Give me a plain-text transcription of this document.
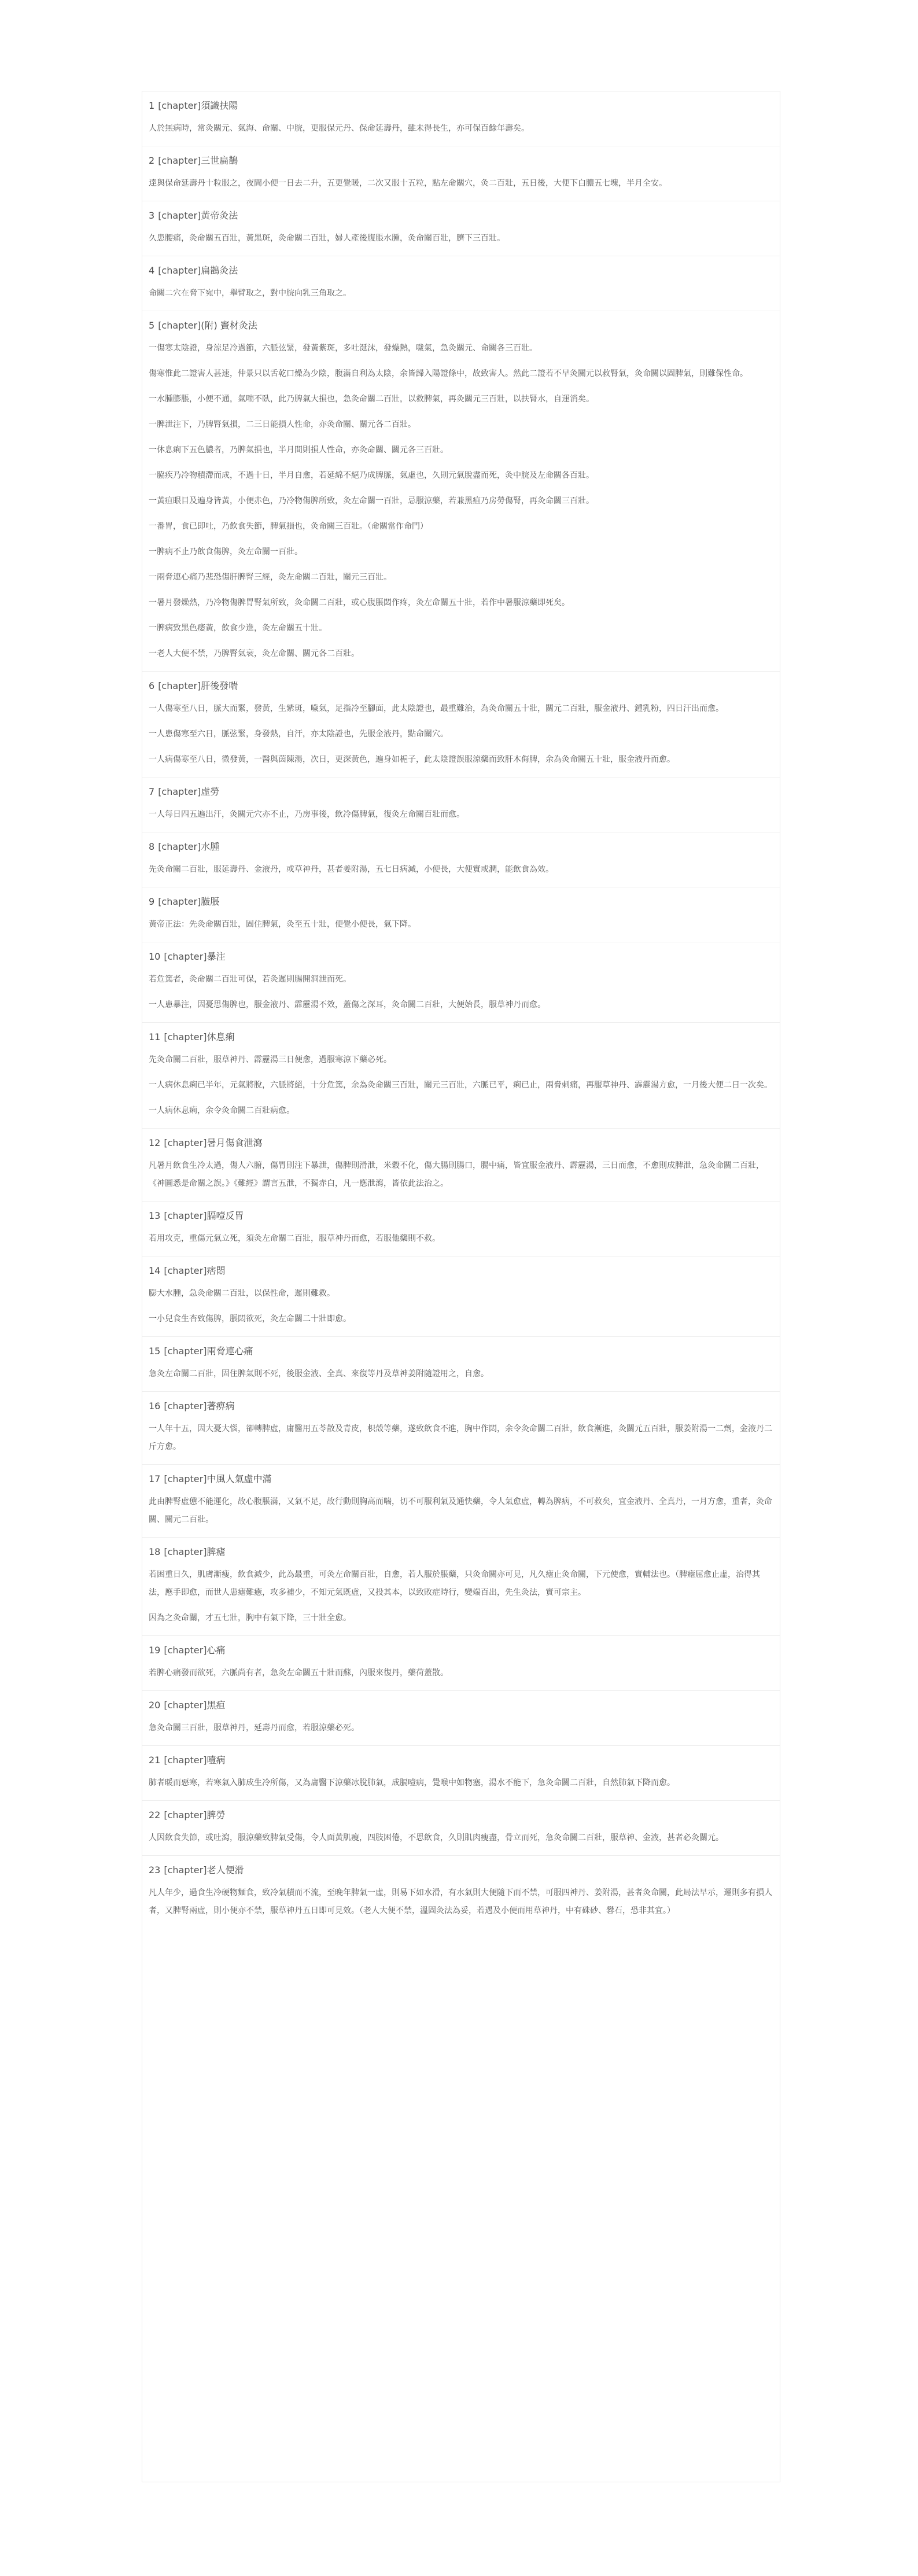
1 [chapter]須識扶陽

人於無病時，常灸關元、氣海、命關、中脘，更服保元丹、保命延壽丹，雖未得長生，亦可保百餘年壽矣。

2 [chapter]三世扁鵲

達與保命延壽丹十粒服之，夜間小便一日去二升，五更覺暖，二次又服十五粒，點左命關穴，灸二百壯，五日後，大便下白膿五七塊，半月全安。

3 [chapter]黃帝灸法

久患腰痛，灸命關五百壯，黃黑斑，灸命關二百壯，婦人產後腹脹水腫，灸命關百壯，臍下三百壯。

4 [chapter]扁鵲灸法

命關二穴在脅下宛中，舉臂取之，對中脘向乳三角取之。

5 [chapter](附) 竇材灸法

一傷寒太陰證，身涼足冷過節，六脈弦緊，發黃紫斑，多吐涎沫，發燥熱，噦氣，急灸關元、命關各三百壯。

傷寒惟此二證害人甚速，仲景只以舌乾口燥為少陰，腹滿自利為太陰，余皆歸入陽證條中，故致害人。然此二證若不早灸關元以救腎氣，灸命關以固脾氣，則難保性命。

一水腫膨脹，小便不通，氣喘不臥，此乃脾氣大損也，急灸命關二百壯，以救脾氣，再灸關元三百壯，以扶腎水，自運消矣。

一脾泄注下，乃脾腎氣損，二三日能損人性命，亦灸命關、關元各二百壯。

一休息痢下五色膿者，乃脾氣損也，半月間則損人性命，亦灸命關、關元各三百壯。

一脇疾乃冷物積滯而成，不過十日，半月自愈，若延綿不絕乃成脾脈，氣虛也，久則元氣脫盡而死，灸中脘及左命關各百壯。

一黃疸眼目及遍身皆黃，小便赤色，乃冷物傷脾所致，灸左命關一百壯，忌服涼藥，若兼黑疸乃房勞傷腎，再灸命關三百壯。

一番胃，食已即吐，乃飲食失節，脾氣損也，灸命關三百壯。（命關當作命門）

一脾病不止乃飲食傷脾，灸左命關一百壯。

一兩脅連心痛乃悲恐傷肝脾腎三經，灸左命關二百壯，關元三百壯。

一暑月發燥熱，乃冷物傷脾胃腎氣所致，灸命關二百壯，或心腹脹悶作疼，灸左命關五十壯，若作中暑服涼藥即死矣。

一脾病致黑色痿黃，飲食少進，灸左命關五十壯。

一老人大便不禁，乃脾腎氣衰，灸左命關、關元各二百壯。

6 [chapter]肝後發喘

一人傷寒至八日，脈大而緊，發黃，生紫斑，噦氣，足指冷至腳面，此太陰證也，最重難治，為灸命關五十壯，關元二百壯，服金液丹、鍾乳粉，四日汗出而愈。

一人患傷寒至六日，脈弦緊，身發熱，自汗，亦太陰證也，先服金液丹，點命關穴。

一人病傷寒至八日，微發黃，一醫與茵陳湯，次日，更深黃色，遍身如梔子，此太陰證誤服涼藥而致肝木侮脾，余為灸命關五十壯，服金液丹而愈。

7 [chapter]虛勞

一人每日四五遍出汗，灸關元穴亦不止，乃房事後，飲冷傷脾氣，復灸左命關百壯而愈。

8 [chapter]水腫

先灸命關二百壯，服延壽丹、金液丹，或草神丹，甚者姜附湯，五七日病減，小便長，大便實或潤，能飲食為效。

9 [chapter]臌脹

黃帝正法：先灸命關百壯，固住脾氣，灸至五十壯，便覺小便長，氣下降。

10 [chapter]暴注

若危篤者，灸命關二百壯可保，若灸遲則腸開洞泄而死。

一人患暴注，因憂思傷脾也，服金液丹、霹靂湯不效，蓋傷之深耳，灸命關二百壯，大便始長，服草神丹而愈。

11 [chapter]休息痢

先灸命關二百壯，服草神丹、霹靂湯三日便愈，過服寒涼下藥必死。

一人病休息痢已半年，元氣將脫，六脈將絕，十分危篤，余為灸命關三百壯，關元三百壯，六脈已平，痢已止，兩脅刺痛，再服草神丹、霹靂湯方愈，一月後大便二日一次矣。

一人病休息痢，余令灸命關二百壯病愈。

12 [chapter]暑月傷食泄瀉

凡暑月飲食生冷太過，傷人六腑，傷胃則注下暴泄，傷脾則滑泄，米穀不化，傷大腸則腸口，腸中痛，皆宜服金液丹、霹靂湯，三日而愈，不愈則成脾泄，急灸命關二百壯，《神圖悉是命關之誤。》《難經》謂言五泄，不獨赤白，凡一應泄瀉，皆依此法治之。

13 [chapter]膈噎反胃

若用攻克，重傷元氣立死，須灸左命關二百壯，服草神丹而愈，若服他藥則不救。

14 [chapter]痞悶

膨大水腫，急灸命關二百壯，以保性命，遲則難救。

一小兒食生杏致傷脾，脹悶欲死，灸左命關二十壯即愈。

15 [chapter]兩脅連心痛

急灸左命關二百壯，固住脾氣則不死，後服金液、全真、來復等丹及草神姜附隨證用之，自愈。

16 [chapter]著痹病

一人年十五，因大憂大惱，卻轉脾虛，庸醫用五苓散及青皮，枳殼等藥，遂致飲食不進，胸中作悶，余令灸命關二百壯，飲食漸進，灸關元五百壯，服姜附湯一二劑，金液丹二斤方愈。

17 [chapter]中風人氣虛中滿

此由脾腎虛憊不能運化，故心腹脹滿，又氣不足，故行動則胸高而喘，切不可服利氣及通快藥，令人氣愈虛，轉為脾病，不可救矣，宜金液丹、全真丹，一月方愈，重者，灸命關、關元二百壯。

18 [chapter]脾瘧

若困重日久，肌膚漸瘦，飲食減少，此為最重，可灸左命關百壯，自愈，若人服於脹藥，只灸命關亦可見，凡久瘧止灸命關，下元使愈，實輔法也。（脾瘧屈愈止虛，治得其法，應手即愈，而世人患瘧難癒，攻多補少，不知元氣既虛，又投其本，以致敗症時行，變端百出，先生灸法，實可宗主。

因為之灸命關，才五七壯，胸中有氣下降，三十壯全愈。

19 [chapter]心痛

若脾心痛發而欲死，六脈尚有者，急灸左命關五十壯而蘇，內服來復丹，藥荷蓋散。

20 [chapter]黑疸

急灸命關三百壯，服草神丹，延壽丹而愈，若服涼藥必死。

21 [chapter]噎病

肺者暖而惡寒，若寒氣入肺成生冷所傷，又為庸醫下涼藥冰脫肺氣，成膈噎病，覺喉中如物塞，湯水不能下，急灸命關二百壯，自然肺氣下降而愈。

22 [chapter]脾勞

人因飲食失節，或吐瀉，服涼藥致脾氣受傷，令人面黃肌瘦，四肢困倦，不思飲食，久則肌肉瘦盡，骨立而死，急灸命關二百壯，服草神、金液，甚者必灸關元。

23 [chapter]老人便滑

凡人年少，過食生冷硬物麵食，致冷氣積而不流，至晚年脾氣一虛，則易下如水滑，有水氣則大便隨下而不禁，可服四神丹、姜附湯，甚者灸命關，此局法早示，遲則多有損人者，又脾腎兩虛，則小便亦不禁，服草神丹五日即可見效。（老人大便不禁，溫固灸法為妥，若遇及小便而用草神丹，中有硃砂、礬石，恐非其宜。）
